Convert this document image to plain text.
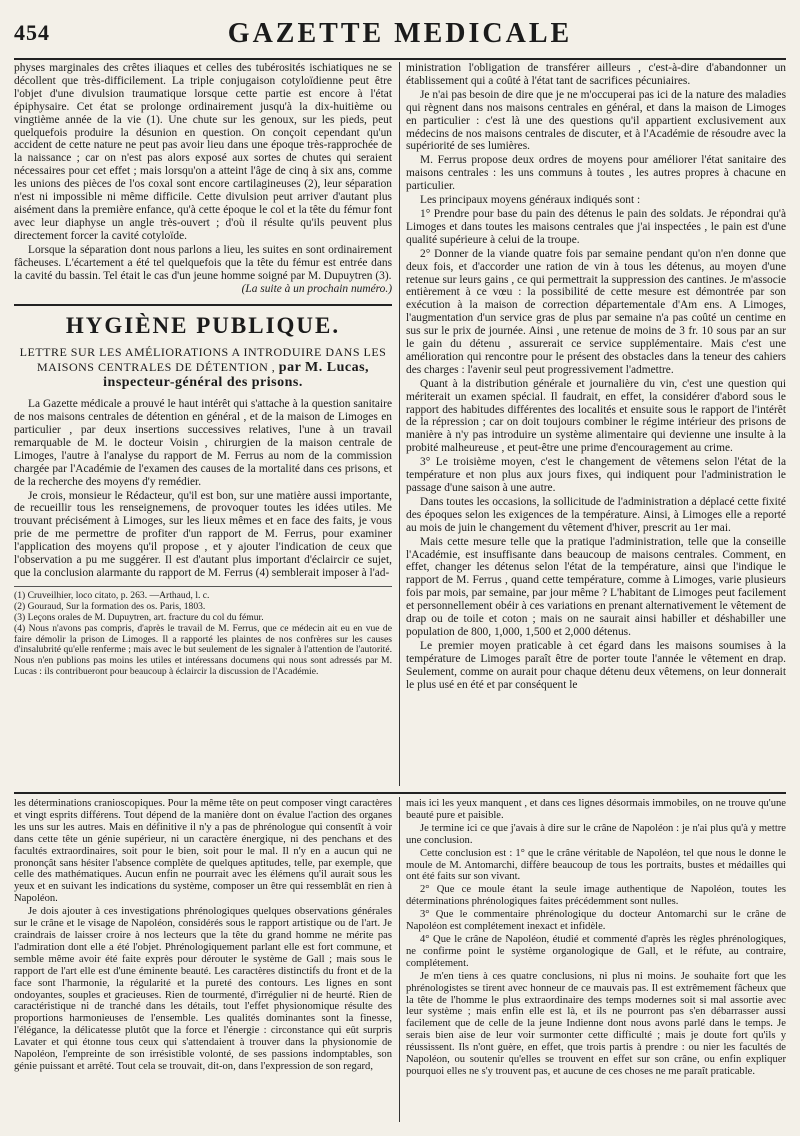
454	GAZETTE MEDICALE

physes marginales des crêtes iliaques et celles des tubérosités ischiatiques ne se décollent que très-difficilement. La triple conjugaison cotyloïdienne peut être l'objet d'une divulsion traumatique lorsque cette partie est encore à l'état épiphysaire. Cet état se prolonge ordinairement jusqu'à la dix-huitième ou vingtième année de la vie (1). Une chute sur les genoux, sur les pieds, peut quelquefois produire la désunion en question. On conçoit cependant qu'un accident de cette nature ne peut pas avoir lieu dans une époque très-rapprochée de la naissance ; car on n'est pas alors exposé aux sortes de chutes qui seraient nécessaires pour cet effet ; mais lorsqu'on a atteint l'âge de cinq à six ans, comme les unions des pièces de l'os coxal sont encore cartilagineuses (2), leur séparation n'est ni impossible ni même difficile. Cette divulsion peut arriver d'autant plus aisément dans la première enfance, qu'à cette époque le col et la tête du fémur font avec leur diaphyse un angle très-ouvert ; d'où il résulte qu'ils peuvent plus directement forcer la cavité cotyloïde.

Lorsque la séparation dont nous parlons a lieu, les suites en sont ordinairement fâcheuses. L'écartement a été tel quelquefois que la tête du fémur est entrée dans la cavité du bassin. Tel était le cas d'un jeune homme soigné par M. Dupuytren (3).

(La suite à un prochain numéro.)

HYGIÈNE PUBLIQUE.
LETTRE SUR LES AMÉLIORATIONS A INTRODUIRE DANS LES MAISONS CENTRALES DE DÉTENTION , par M. Lucas,
inspecteur-général des prisons.

La Gazette médicale a prouvé le haut intérêt qui s'attache à la question sanitaire de nos maisons centrales de détention en général , et de la maison de Limoges en particulier , par deux insertions successives relatives, l'une à un travail remarquable de M. le docteur Voisin , chirurgien de la maison centrale de Limoges, l'autre à l'analyse du rapport de M. Ferrus au nom de la commission chargée par l'Académie de l'examen des causes de la mortalité dans ces prisons, et de la recherche des moyens d'y remédier.

Je crois, monsieur le Rédacteur, qu'il est bon, sur une matière aussi importante, de recueillir tous les renseignemens, de provoquer toutes les idées utiles. Me trouvant précisément à Limoges, sur les lieux mêmes et en face des faits, je vous prie de me permettre de profiter d'un rapport de M. Ferrus, pour examiner l'application des moyens qu'il propose , et y ajouter l'indication de ceux que l'observation a pu me suggérer. Il est d'autant plus important d'éclaircir ce sujet, que la conclusion alarmante du rapport de M. Ferrus (4) semblerait imposer à l'ad-

(1) Cruveilhier, loco citato, p. 263. —Arthaud, l. c.

(2) Gouraud, Sur la formation des os. Paris, 1803.

(3) Leçons orales de M. Dupuytren, art. fracture du col du fémur.

(4) Nous n'avons pas compris, d'après le travail de M. Ferrus, que ce médecin ait eu en vue de faire démolir la prison de Limoges. Il a rapporté les plaintes de nos confrères sur les causes d'insalubrité qu'elle renferme ; mais avec le but seulement de les signaler à l'attention de l'autorité. Nous n'en publions pas moins les utiles et intéressans documens qui nous sont adressés par M. Lucas : ils contribueront pour beaucoup à éclaircir la discussion de l'Académie.

ministration l'obligation de transférer ailleurs , c'est-à-dire d'abandonner un établissement qui a coûté à l'état tant de sacrifices pécuniaires.

Je n'ai pas besoin de dire que je ne m'occuperai pas ici de la nature des maladies qui règnent dans nos maisons centrales en général, et dans la maison de Limoges en particulier : c'est là une des questions qu'il appartient exclusivement aux médecins de nos maisons centrales de discuter, et à l'Académie de résoudre avec la supériorité de ses lumières.

M. Ferrus propose deux ordres de moyens pour améliorer l'état sanitaire des maisons centrales : les uns communs à toutes , les autres propres à chacune en particulier.

Les principaux moyens généraux indiqués sont :

1° Prendre pour base du pain des détenus le pain des soldats. Je répondrai qu'à Limoges et dans toutes les maisons centrales que j'ai inspectées , le pain est d'une qualité supérieure à celui de la troupe.

2° Donner de la viande quatre fois par semaine pendant qu'on n'en donne que deux fois, et d'accorder une ration de vin à tous les détenus, au moyen d'une retenue sur leurs gains , ce qui permettrait la suppression des cantines. Je m'associe entièrement à ce vœu : la possibilité de cette mesure est démontrée par son exécution à la maison de correction départementale d'Am ens. A Limoges, l'augmentation d'un service gras de plus par semaine n'a pas coûté un centime en sus sur le prix de journée. Ainsi , une retenue de moins de 3 fr. 10 sous par an sur le gain du détenu , assurerait ce service supplémentaire. Mais c'est une amélioration qui rencontre pour le présent des obstacles dans la teneur des cahiers des charges : l'avenir seul peut progressivement l'admettre.

Quant à la distribution générale et journalière du vin, c'est une question qui mériterait un examen spécial. Il faudrait, en effet, la considérer d'abord sous le rapport des habitudes différentes des localités et ensuite sous le rapport de l'intérêt de la répression ; car on doit toujours combiner le régime intérieur des prisons de manière à n'y pas introduire un système alimentaire qui devienne une insulte à la probité malheureuse , et peut-être une prime d'encouragement au crime.

3° Le troisième moyen, c'est le changement de vêtemens selon l'état de la température et non plus aux jours fixes, qui indiquent pour l'administration le passage d'une saison à une autre.

Dans toutes les occasions, la sollicitude de l'administration a déplacé cette fixité des époques selon les exigences de la température. Ainsi, à Limoges elle a reporté au mois de juin le changement du vêtement d'hiver, prescrit au 1er mai.

Mais cette mesure telle que la pratique l'administration, telle que la conseille l'Académie, est insuffisante dans beaucoup de maisons centrales. Comment, en effet, changer les détenus selon l'état de la température, ainsi que l'indique le rapport de M. Ferrus , quand cette température, comme à Limoges, varie plusieurs fois par mois, par semaine, par jour même ? L'habitant de Limoges peut facilement et personnellement obéir à ces variations en prenant alternativement le vêtement de drap ou de toile et coton ; mais on ne saurait ainsi habiller et déshabiller une population de 800, 1,000, 1,500 et 2,000 détenus.

Le premier moyen praticable à cet égard dans les maisons soumises à la température de Limoges paraît être de porter toute l'année le vêtement en drap. Seulement, comme on aurait pour chaque détenu deux vêtemens, on leur donnerait le plus usé en été et par conséquent le

les déterminations cranioscopiques. Pour la même tête on peut composer vingt caractères et vingt esprits différens. Tout dépend de la manière dont on évalue l'action des organes les uns sur les autres. Mais en définitive il n'y a pas de phrénologue qui consentît à voir dans cette tête un génie supérieur, ni un caractère énergique, ni des penchans et des facultés extraordinaires, soit pour le bien, soit pour le mal. Il n'y en a aucun qui ne prononçât sans hésiter l'absence complète de quelques aptitudes, telle, par exemple, que celle des mathématiques. Aucun enfin ne pourrait avec les élémens qu'il aurait sous les yeux et en suivant les indications du système, composer un être qui ressemblât en rien à Napoléon.

Je dois ajouter à ces investigations phrénologiques quelques observations générales sur le crâne et le visage de Napoléon, considérés sous le rapport artistique ou de l'art. Je craindrais de laisser croire à nos lecteurs que la tête du grand homme ne mérite pas l'admiration dont elle a été l'objet. Phrénologiquement parlant elle est fort commune, et semble même avoir été faite exprès pour dérouter le système de Gall ; mais sous le rapport de l'art elle est d'une éminente beauté. Les caractères distinctifs du front et de la face sont l'harmonie, la régularité et la pureté des contours. Les lignes en sont ondoyantes, souples et gracieuses. Rien de tourmenté, d'irrégulier ni de heurté. Rien de caractéristique ni de tranché dans les détails, tout l'effet physionomique résulte des proportions harmonieuses de l'ensemble. Les qualités dominantes sont la finesse, l'élégance, la délicatesse plutôt que la force et l'énergie : circonstance qui eût surpris Lavater et qui étonne tous ceux qui s'attendaient à trouver dans la physionomie de Napoléon, l'empreinte de son irrésistible volonté, de ses passions indomptables, son génie puissant et arrêté. Tout cela se trouvait, dit-on, dans l'expression de son regard,

mais ici les yeux manquent , et dans ces lignes désormais immobiles, on ne trouve qu'une beauté pure et paisible.

Je termine ici ce que j'avais à dire sur le crâne de Napoléon : je n'ai plus qu'à y mettre une conclusion.

Cette conclusion est : 1° que le crâne véritable de Napoléon, tel que nous le donne le moule de M. Antomarchi, diffère beaucoup de tous les portraits, bustes et médailles qui ont été faits sur son vivant.

2° Que ce moule étant la seule image authentique de Napoléon, toutes les déterminations phrénologiques faites précédemment sont nulles.

3° Que le commentaire phrénologique du docteur Antomarchi sur le crâne de Napoléon est complétement inexact et infidèle.

4° Que le crâne de Napoléon, étudié et commenté d'après les règles phrénologiques, ne confirme point le système organologique de Gall, et le réfute, au contraire, complétement.

Je m'en tiens à ces quatre conclusions, ni plus ni moins. Je souhaite fort que les phrénologistes se tirent avec honneur de ce mauvais pas. Il est extrêmement fâcheux que la tête de l'homme le plus extraordinaire des temps modernes soit si mal assortie avec leur système ; mais enfin elle est là, et ils ne pourront pas s'en débarrasser aussi facilement que de celle de la jeune Indienne dont nous avons parlé dans le temps. Je serais bien aise de leur voir surmonter cette difficulté ; mais je doute fort qu'ils y réussissent. Ils n'ont guère, en effet, que trois partis à prendre : ou nier les facultés de Napoléon, ou soutenir qu'elles se trouvent en effet sur son crâne, ou enfin expliquer pourquoi elles ne s'y trouvent pas, et aucune de ces choses ne me paraît praticable.
